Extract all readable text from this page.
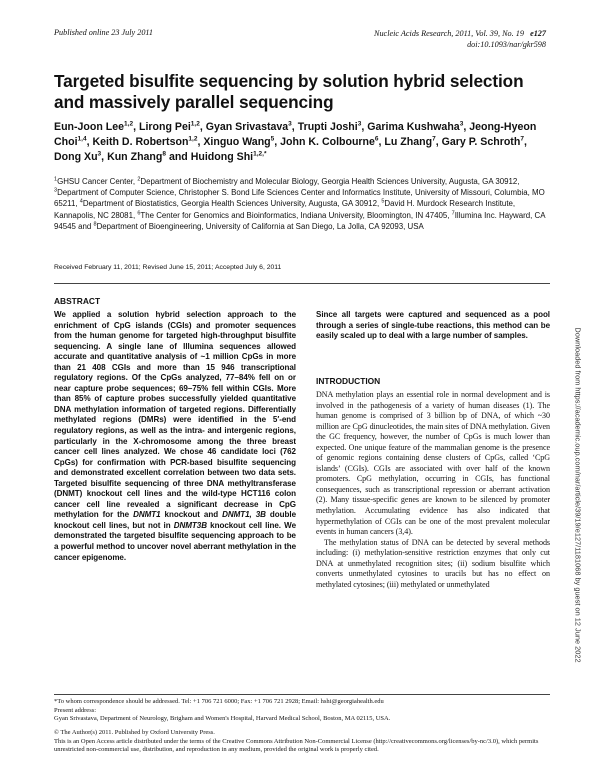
Published online 23 July 2011	Nucleic Acids Research, 2011, Vol. 39, No. 19 e127
doi:10.1093/nar/gkr598
Targeted bisulfite sequencing by solution hybrid selection and massively parallel sequencing
Eun-Joon Lee$^{1,2}$, Lirong Pei$^{1,2}$, Gyan Srivastava$^3$, Trupti Joshi$^3$, Garima Kushwaha$^3$, Jeong-Hyeon Choi$^{1,4}$, Keith D. Robertson$^{1,2}$, Xinguo Wang$^5$, John K. Colbourne$^6$, Lu Zhang$^7$, Gary P. Schroth$^7$, Dong Xu$^3$, Kun Zhang$^8$ and Huidong Shi$^{1,2,*}$
$^1$GHSU Cancer Center, $^2$Department of Biochemistry and Molecular Biology, Georgia Health Sciences University, Augusta, GA 30912, $^3$Department of Computer Science, Christopher S. Bond Life Sciences Center and Informatics Institute, University of Missouri, Columbia, MO 65211, $^4$Department of Biostatistics, Georgia Health Sciences University, Augusta, GA 30912, $^5$David H. Murdock Research Institute, Kannapolis, NC 28081, $^6$The Center for Genomics and Bioinformatics, Indiana University, Bloomington, IN 47405, $^7$Illumina Inc. Hayward, CA 94545 and $^8$Department of Bioengineering, University of California at San Diego, La Jolla, CA 92093, USA
Received February 11, 2011; Revised June 15, 2011; Accepted July 6, 2011
ABSTRACT
We applied a solution hybrid selection approach to the enrichment of CpG islands (CGIs) and promoter sequences from the human genome for targeted high-throughput bisulfite sequencing. A single lane of Illumina sequences allowed accurate and quantitative analysis of ~1 million CpGs in more than 21 408 CGIs and more than 15 946 transcriptional regulatory regions. Of the CpGs analyzed, 77–84% fell on or near capture probe sequences; 69–75% fell within CGIs. More than 85% of capture probes successfully yielded quantitative DNA methylation information of targeted regions. Differentially methylated regions (DMRs) were identified in the 5′-end regulatory regions, as well as the intra- and intergenic regions, particularly in the X-chromosome among the three breast cancer cell lines analyzed. We chose 46 candidate loci (762 CpGs) for confirmation with PCR-based bisulfite sequencing and demonstrated excellent correlation between two data sets. Targeted bisulfite sequencing of three DNA methyltransferase (DNMT) knockout cell lines and the wild-type HCT116 colon cancer cell line revealed a significant decrease in CpG methylation for the DNMT1 knockout and DNMT1, 3B double knockout cell lines, but not in DNMT3B knockout cell line. We demonstrated the targeted bisulfite sequencing approach to be a powerful method to uncover novel aberrant methylation in the cancer epigenome.
Since all targets were captured and sequenced as a pool through a series of single-tube reactions, this method can be easily scaled up to deal with a large number of samples.
INTRODUCTION

DNA methylation plays an essential role in normal development and is involved in the pathogenesis of a variety of human diseases (1). The human genome is comprised of 3 billion bp of DNA, of which ~30 million are CpG dinucleotides, the main sites of DNA methylation. Given the GC frequency, however, the number of CpGs is much lower than expected. One unique feature of the mammalian genome is the presence of genomic regions containing dense clusters of CpGs, called ‘CpG islands’ (CGIs). CGIs are associated with over half of the known promoters. CpG methylation, occurring in CGIs, has functional consequences, such as transcriptional repression or aberrant activation (2). Many tissue-specific genes are known to be silenced by promoter methylation. Accumulating evidence has also indicated that hypermethylation of CGIs can be one of the most prevalent molecular events in human cancers (3,4).

The methylation status of DNA can be detected by several methods including: (i) methylation-sensitive restriction enzymes that only cut DNA at unmethylated recognition sites; (ii) sodium bisulfite which converts unmethylated cytosines to uracils but has no effect on methylated cytosines; (iii) methylated or unmethylated

*To whom correspondence should be addressed. Tel: +1 706 721 6000; Fax: +1 706 721 2928; Email: hshi@georgiahealth.edu
Present address:
Gyan Srivastava, Department of Neurology, Brigham and Women's Hospital, Harvard Medical School, Boston, MA 02115, USA.
© The Author(s) 2011. Published by Oxford University Press.
This is an Open Access article distributed under the terms of the Creative Commons Attribution Non-Commercial License (http://creativecommons.org/licenses/by-nc/3.0), which permits unrestricted non-commercial use, distribution, and reproduction in any medium, provided the original work is properly cited.
Downloaded from https://academic.oup.com/nar/article/39/19/e127/1181068 by guest on 12 June 2022
